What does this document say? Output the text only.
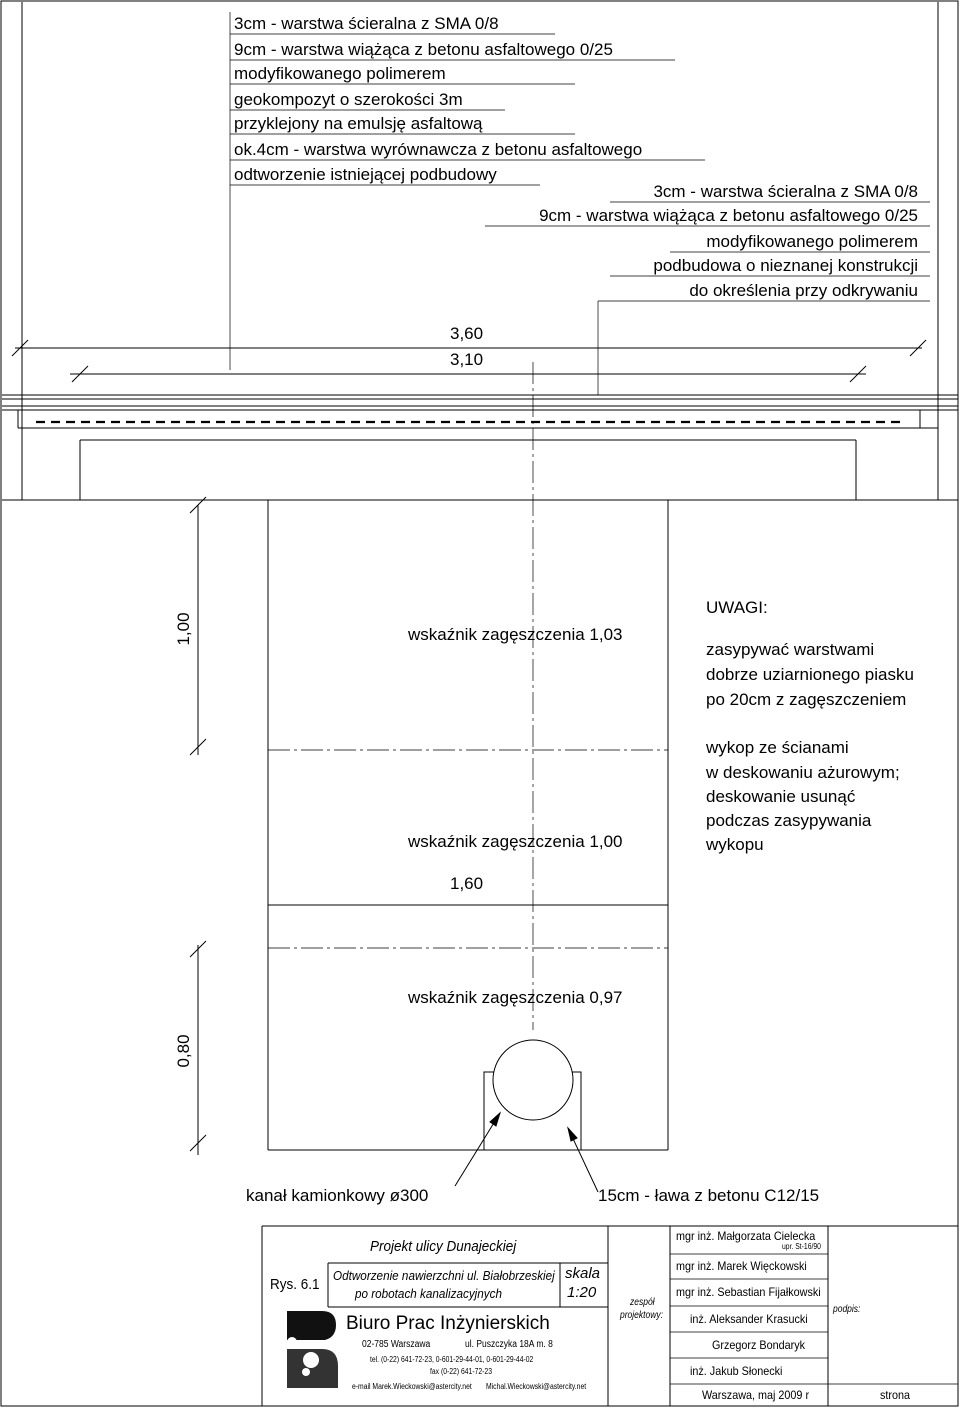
3cm - warstwa ścieralna z SMA 0/8
9cm - warstwa wiążąca z betonu asfaltowego 0/25
modyfikowanego polimerem
geokompozyt o szerokości 3m
przyklejony na emulsję asfaltową
ok.4cm - warstwa wyrównawcza z betonu asfaltowego
odtworzenie istniejącej podbudowy
3cm - warstwa ścieralna z SMA 0/8
9cm - warstwa wiążąca z betonu asfaltowego 0/25
modyfikowanego polimerem
podbudowa o nieznanej konstrukcji
do określenia przy odkrywaniu
3,60
3,10
1,00
1,60
0,80
wskaźnik zagęszczenia 1,03
wskaźnik zagęszczenia 1,00
wskaźnik zagęszczenia 0,97
UWAGI:
zasypywać warstwami
dobrze uziarnionego piasku
po 20cm z zagęszczeniem
wykop ze ścianami
w deskowaniu ażurowym;
deskowanie usunąć
podczas zasypywania
wykopu
kanał kamionkowy ø300	15cm - ława z betonu C12/15
Projekt ulicy Dunajeckiej
Rys. 6.1
Odtworzenie nawierzchni ul. Białobrzeskiej
po robotach kanalizacyjnych
skala
1:20
Biuro Prac Inżynierskich
02-785 Warszawa	ul. Puszczyka 18A m. 8
tel. (0-22) 641-72-23, 0-601-29-44-01, 0-601-29-44-02
fax (0-22) 641-72-23
e-mail Marek.Wieckowski@astercity.net Michal.Wieckowski@astercity.net
zespół
projektowy:
mgr inż. Małgorzata Cielecka
upr. St-16/90
mgr inż. Marek Więckowski
mgr inż. Sebastian Fijałkowski
inż. Aleksander Krasucki
Grzegorz Bondaryk
inż. Jakub Słonecki
podpis:
Warszawa, maj 2009 r	strona
